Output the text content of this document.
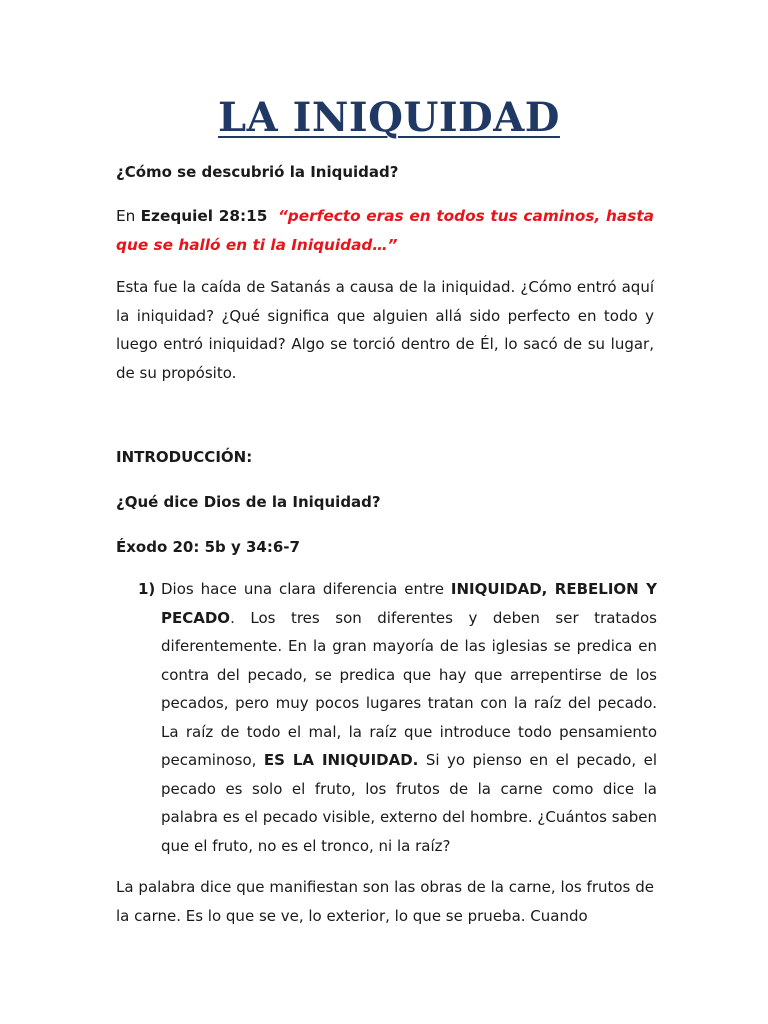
LA INIQUIDAD
¿Cómo se descubrió la Iniquidad?
En Ezequiel 28:15 “perfecto eras en todos tus caminos, hasta que se halló en ti la Iniquidad…”
Esta fue la caída de Satanás a causa de la iniquidad. ¿Cómo entró aquí la iniquidad? ¿Qué significa que alguien allá sido perfecto en todo y luego entró iniquidad? Algo se torció dentro de Él, lo sacó de su lugar, de su propósito.
INTRODUCCIÓN:
¿Qué dice Dios de la Iniquidad?
Éxodo 20: 5b y 34:6-7
1) Dios hace una clara diferencia entre INIQUIDAD, REBELION Y PECADO. Los tres son diferentes y deben ser tratados diferentemente. En la gran mayoría de las iglesias se predica en contra del pecado, se predica que hay que arrepentirse de los pecados, pero muy pocos lugares tratan con la raíz del pecado. La raíz de todo el mal, la raíz que introduce todo pensamiento pecaminoso, ES LA INIQUIDAD. Si yo pienso en el pecado, el pecado es solo el fruto, los frutos de la carne como dice la palabra es el pecado visible, externo del hombre. ¿Cuántos saben que el fruto, no es el tronco, ni la raíz?
La palabra dice que manifiestan son las obras de la carne, los frutos de la carne. Es lo que se ve, lo exterior, lo que se prueba. Cuando
